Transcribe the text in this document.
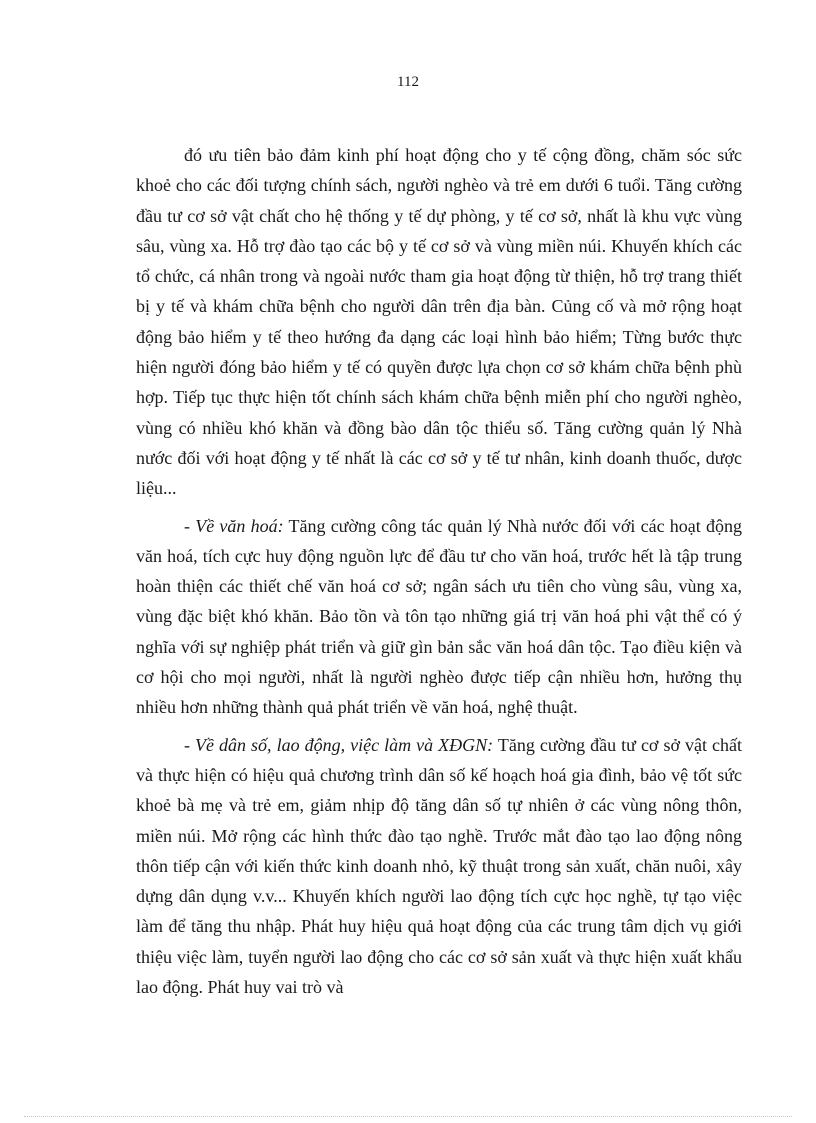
112

đó ưu tiên bảo đảm kinh phí hoạt động cho y tế cộng đồng, chăm sóc sức khoẻ cho các đối tượng chính sách, người nghèo và trẻ em dưới 6 tuổi. Tăng cường đầu tư cơ sở vật chất cho hệ thống y tế dự phòng, y tế cơ sở, nhất là khu vực vùng sâu, vùng xa. Hỗ trợ đào tạo các bộ y tế cơ sở và vùng miền núi. Khuyến khích các tổ chức, cá nhân trong và ngoài nước tham gia hoạt động từ thiện, hỗ trợ trang thiết bị y tế và khám chữa bệnh cho người dân trên địa bàn. Củng cố và mở rộng hoạt động bảo hiểm y tế theo hướng đa dạng các loại hình bảo hiểm; Từng bước thực hiện người đóng bảo hiểm y tế có quyền được lựa chọn cơ sở khám chữa bệnh phù hợp. Tiếp tục thực hiện tốt chính sách khám chữa bệnh miễn phí cho người nghèo, vùng có nhiều khó khăn và đồng bào dân tộc thiểu số. Tăng cường quản lý Nhà nước đối với hoạt động y tế nhất là các cơ sở y tế tư nhân, kinh doanh thuốc, dược liệu...

- Về văn hoá: Tăng cường công tác quản lý Nhà nước đối với các hoạt động văn hoá, tích cực huy động nguồn lực để đầu tư cho văn hoá, trước hết là tập trung hoàn thiện các thiết chế văn hoá cơ sở; ngân sách ưu tiên cho vùng sâu, vùng xa, vùng đặc biệt khó khăn. Bảo tồn và tôn tạo những giá trị văn hoá phi vật thể có ý nghĩa với sự nghiệp phát triển và giữ gìn bản sắc văn hoá dân tộc. Tạo điều kiện và cơ hội cho mọi người, nhất là người nghèo được tiếp cận nhiều hơn, hưởng thụ nhiều hơn những thành quả phát triển về văn hoá, nghệ thuật.

- Về dân số, lao động, việc làm và XĐGN: Tăng cường đầu tư cơ sở vật chất và thực hiện có hiệu quả chương trình dân số kế hoạch hoá gia đình, bảo vệ tốt sức khoẻ bà mẹ và trẻ em, giảm nhịp độ tăng dân số tự nhiên ở các vùng nông thôn, miền núi. Mở rộng các hình thức đào tạo nghề. Trước mắt đào tạo lao động nông thôn tiếp cận với kiến thức kinh doanh nhỏ, kỹ thuật trong sản xuất, chăn nuôi, xây dựng dân dụng v.v... Khuyến khích người lao động tích cực học nghề, tự tạo việc làm để tăng thu nhập. Phát huy hiệu quả hoạt động của các trung tâm dịch vụ giới thiệu việc làm, tuyển người lao động cho các cơ sở sản xuất và thực hiện xuất khẩu lao động. Phát huy vai trò và
